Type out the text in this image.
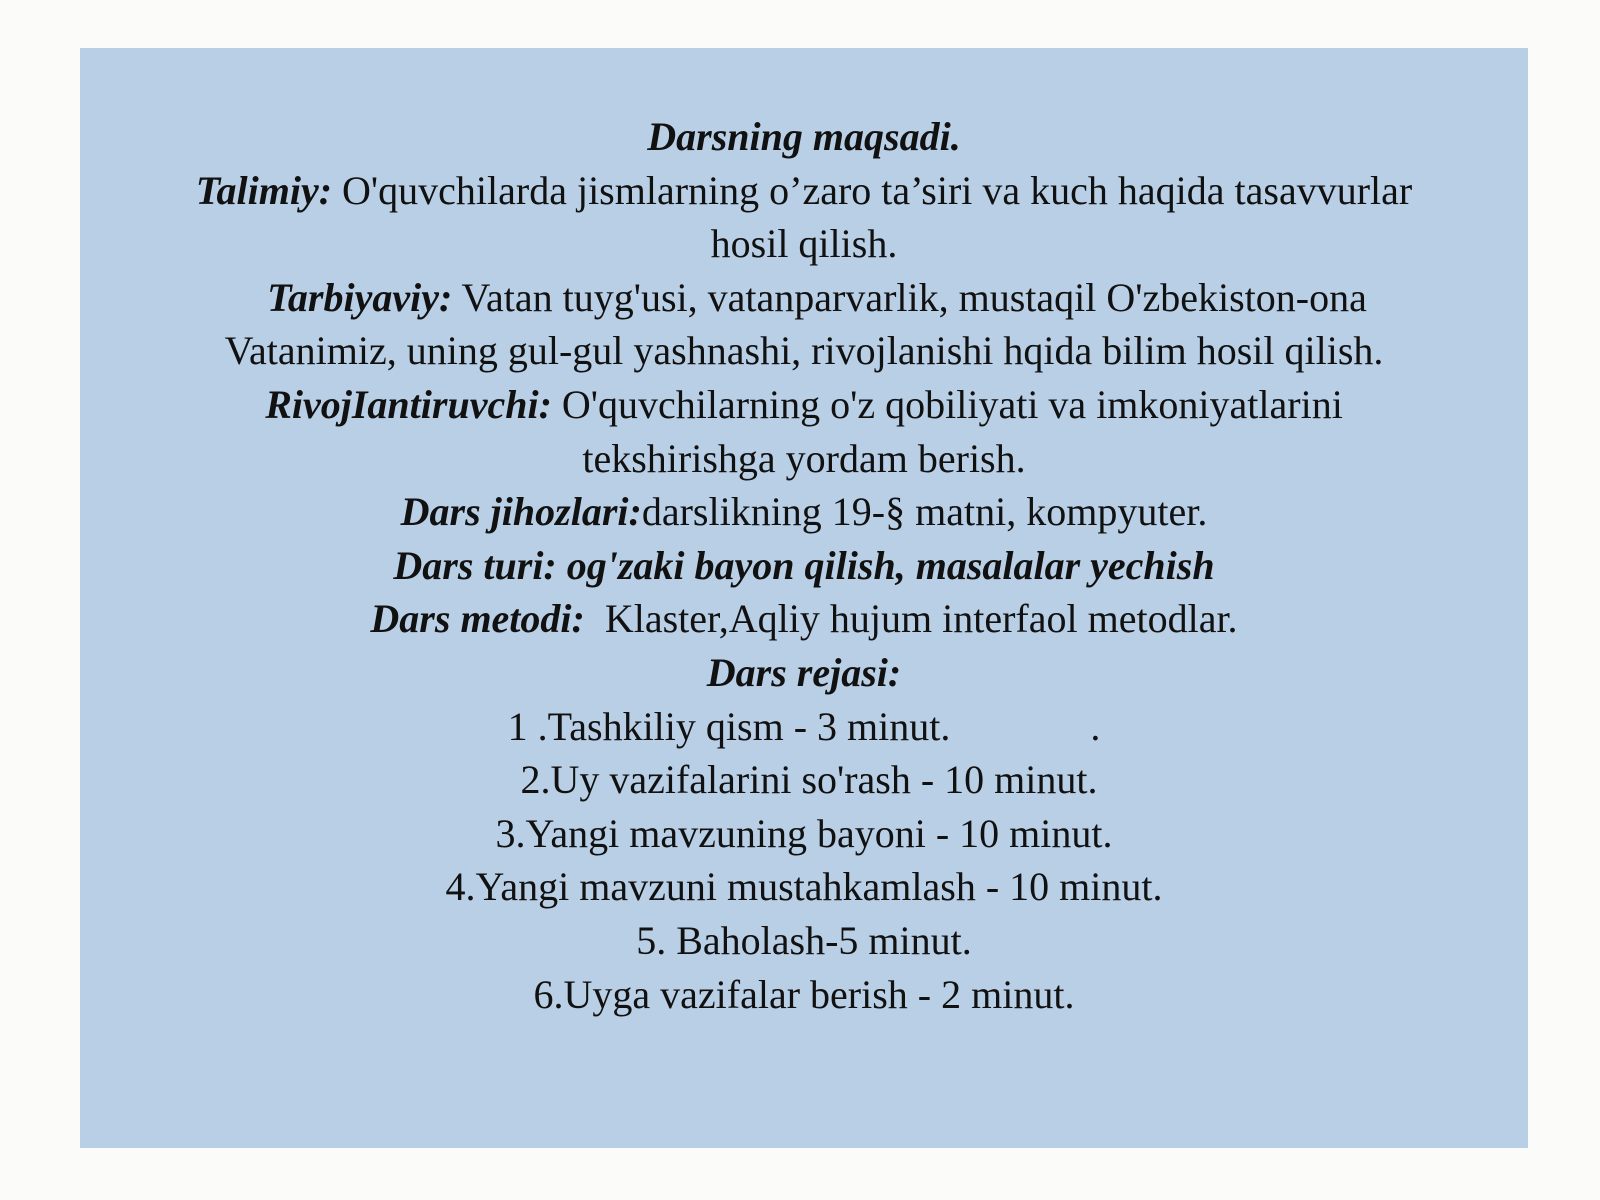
Darsning maqsadi.

Talimiy: O'quvchilarda jismlarning o’zaro ta’siri va kuch haqida tasavvurlar

hosil qilish.

Tarbiyaviy: Vatan tuyg'usi, vatanparvarlik, mustaqil O'zbekiston-ona

Vatanimiz, uning gul-gul yashnashi, rivojlanishi hqida bilim hosil qilish.

RivojIantiruvchi: O'quvchilarning o'z qobiliyati va imkoniyatlarini

tekshirishga yordam berish.

Dars jihozlari:darslikning 19-§ matni, kompyuter.

Dars turi: og'zaki bayon qilish, masalalar yechish

Dars metodi:  Klaster,Aqliy hujum interfaol metodlar.

Dars rejasi:

1 .Tashkiliy qism - 3 minut.              .

2.Uy vazifalarini so'rash - 10 minut.

3.Yangi mavzuning bayoni - 10 minut.

4.Yangi mavzuni mustahkamlash - 10 minut.

5. Baholash-5 minut.

6.Uyga vazifalar berish - 2 minut.
